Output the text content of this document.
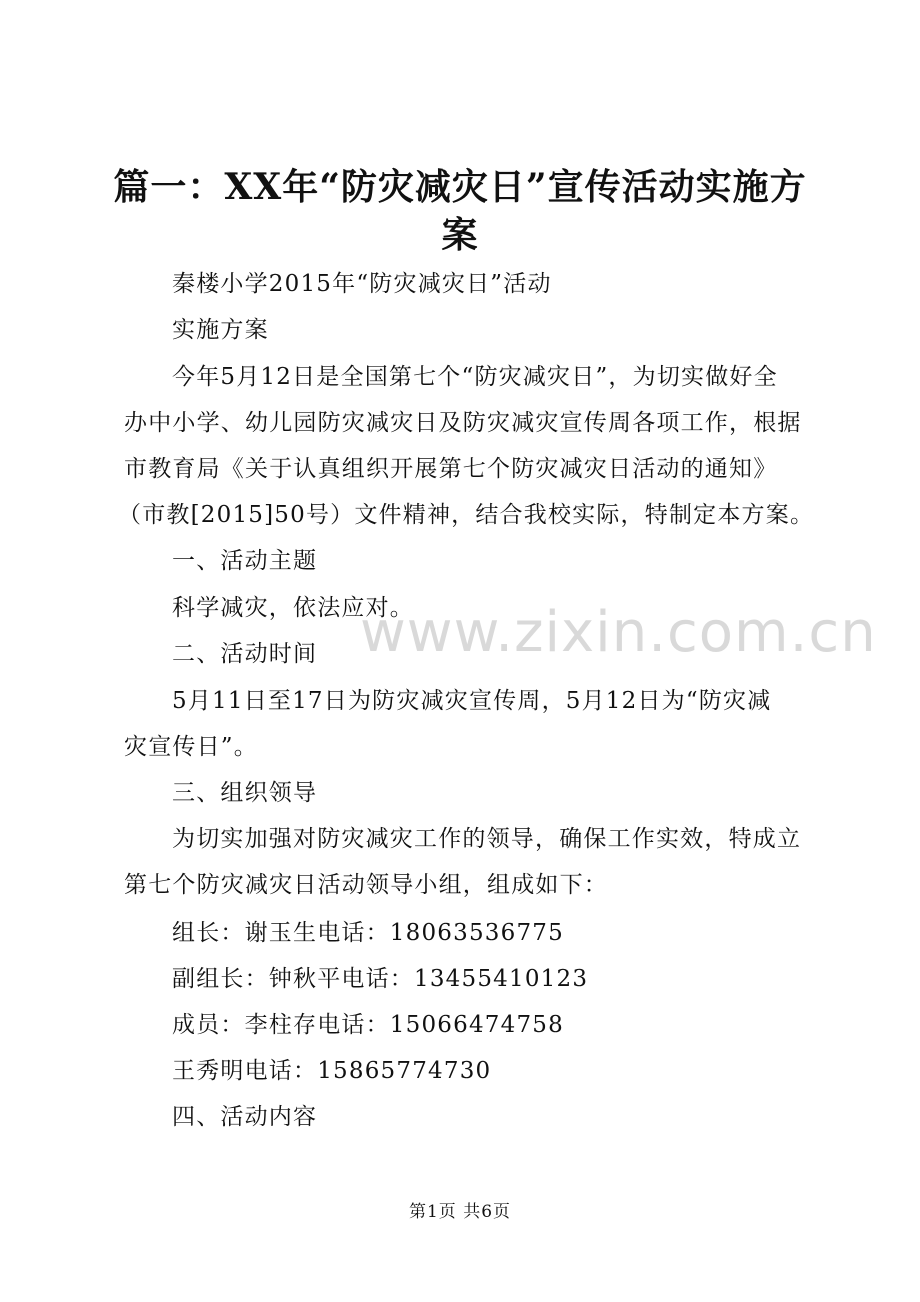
篇一：XX年“防灾减灾日”宣传活动实施方
案
秦楼小学2015年“防灾减灾日”活动
实施方案
今年5月12日是全国第七个“防灾减灾日”，为切实做好全
办中小学、幼儿园防灾减灾日及防灾减灾宣传周各项工作，根据
市教育局《关于认真组织开展第七个防灾减灾日活动的通知》
（市教[2015]50号）文件精神，结合我校实际，特制定本方案。
一、活动主题
科学减灾，依法应对。
二、活动时间
5月11日至17日为防灾减灾宣传周，5月12日为“防灾减
灾宣传日”。
三、组织领导
为切实加强对防灾减灾工作的领导，确保工作实效，特成立
第七个防灾减灾日活动领导小组，组成如下：
组长：谢玉生电话：18063536775
副组长：钟秋平电话：13455410123
成员：李柱存电话：15066474758
王秀明电话：15865774730
四、活动内容
www.zixin.com.cn
第1页 共6页
